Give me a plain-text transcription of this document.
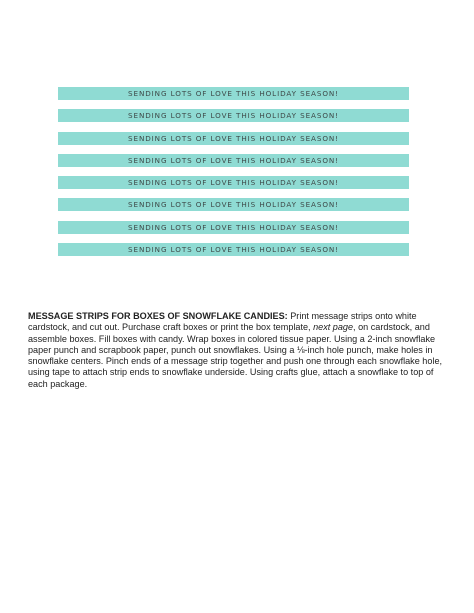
SENDING LOTS OF LOVE THIS HOLIDAY SEASON!
SENDING LOTS OF LOVE THIS HOLIDAY SEASON!
SENDING LOTS OF LOVE THIS HOLIDAY SEASON!
SENDING LOTS OF LOVE THIS HOLIDAY SEASON!
SENDING LOTS OF LOVE THIS HOLIDAY SEASON!
SENDING LOTS OF LOVE THIS HOLIDAY SEASON!
SENDING LOTS OF LOVE THIS HOLIDAY SEASON!
SENDING LOTS OF LOVE THIS HOLIDAY SEASON!

MESSAGE STRIPS FOR BOXES OF SNOWFLAKE CANDIES: Print message strips onto white cardstock, and cut out. Purchase craft boxes or print the box template, next page, on cardstock, and assemble boxes. Fill boxes with candy. Wrap boxes in colored tissue paper. Using a 2-inch snowflake paper punch and scrapbook paper, punch out snowflakes. Using a ⅛-inch hole punch, make holes in snowflake centers. Pinch ends of a message strip together and push one through each snowflake hole, using tape to attach strip ends to snowflake underside. Using crafts glue, attach a snowflake to top of each package.
